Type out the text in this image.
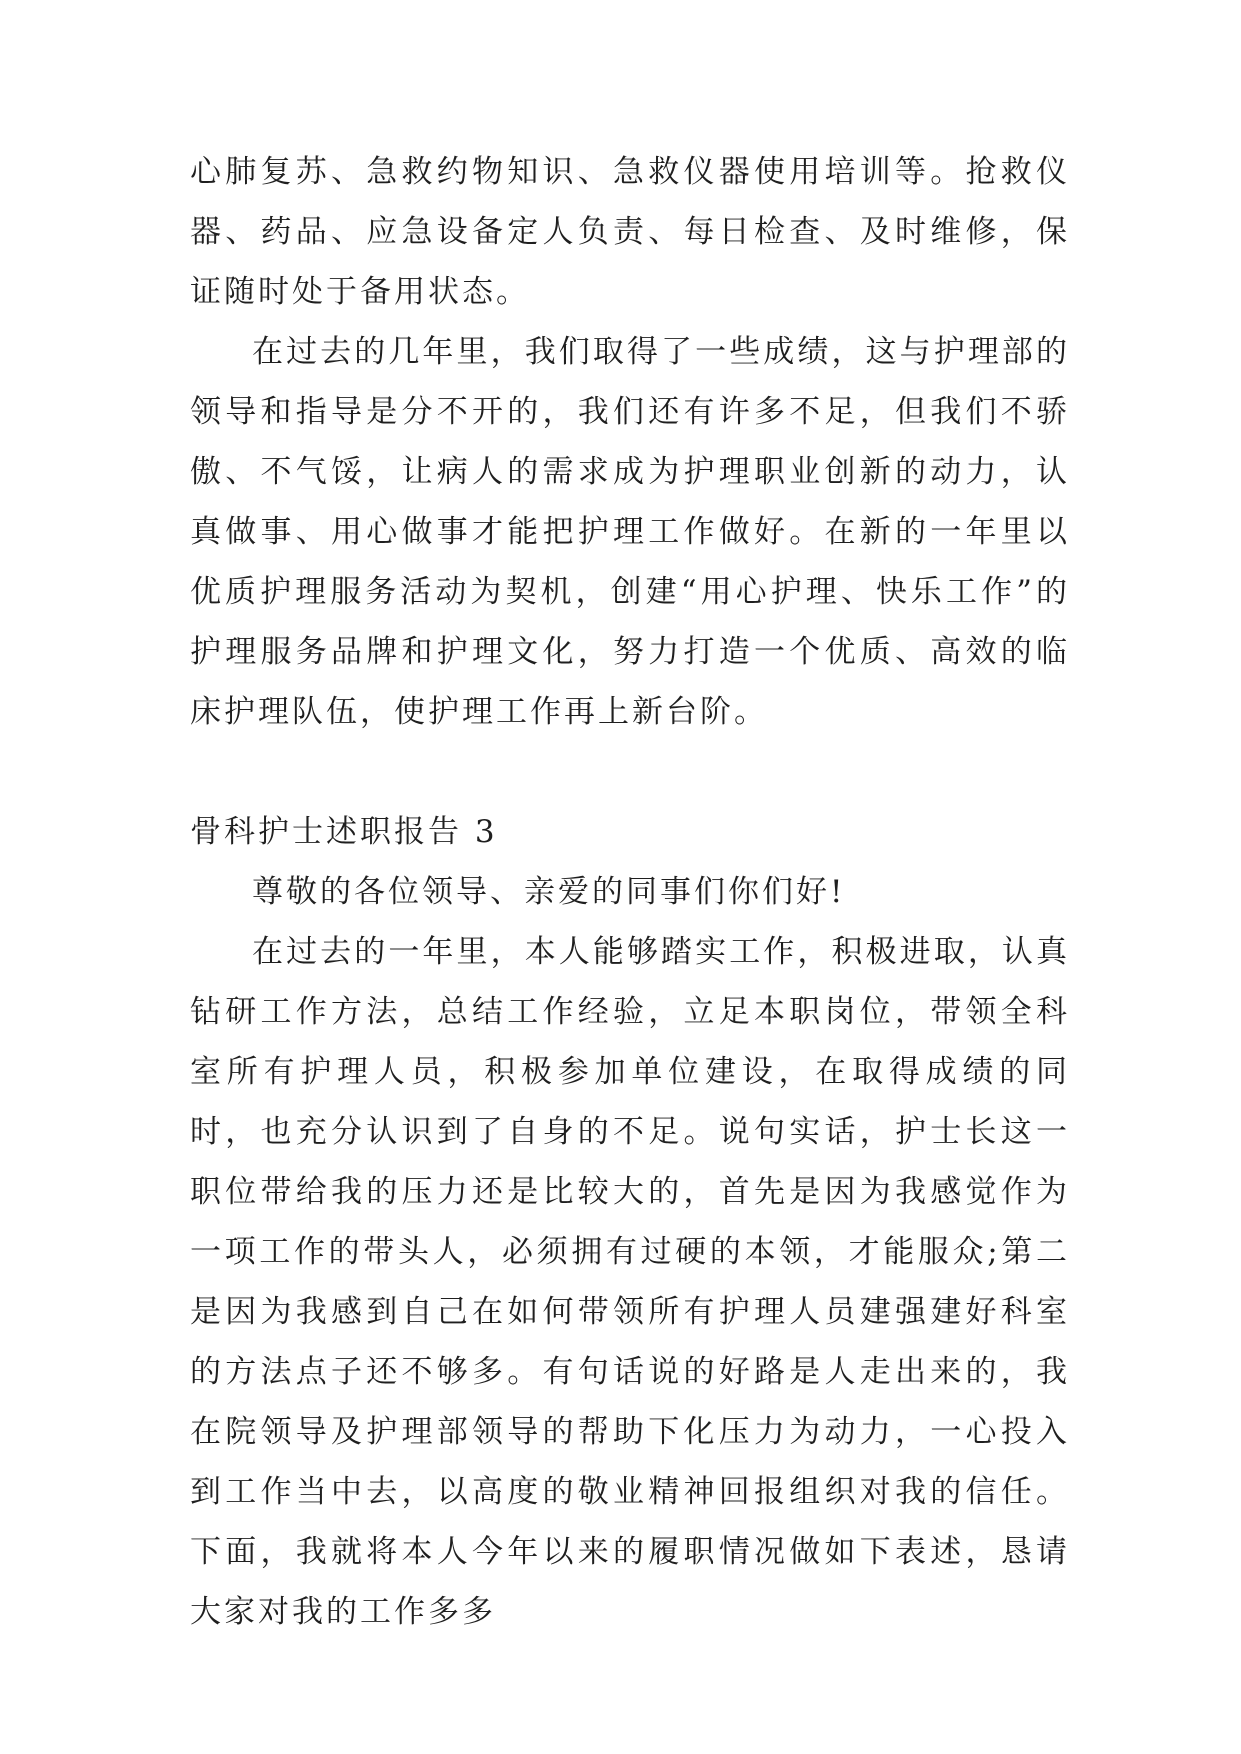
心肺复苏、急救约物知识、急救仪器使用培训等。抢救仪器、药品、应急设备定人负责、每日检查、及时维修，保证随时处于备用状态。

在过去的几年里，我们取得了一些成绩，这与护理部的领导和指导是分不开的，我们还有许多不足，但我们不骄傲、不气馁，让病人的需求成为护理职业创新的动力，认真做事、用心做事才能把护理工作做好。在新的一年里以优质护理服务活动为契机，创建“用心护理、快乐工作”的护理服务品牌和护理文化，努力打造一个优质、高效的临床护理队伍，使护理工作再上新台阶。

骨科护士述职报告 3

尊敬的各位领导、亲爱的同事们你们好!

在过去的一年里，本人能够踏实工作，积极进取，认真钻研工作方法，总结工作经验，立足本职岗位，带领全科室所有护理人员，积极参加单位建设，在取得成绩的同时，也充分认识到了自身的不足。说句实话，护士长这一职位带给我的压力还是比较大的，首先是因为我感觉作为一项工作的带头人，必须拥有过硬的本领，才能服众;第二是因为我感到自己在如何带领所有护理人员建强建好科室的方法点子还不够多。有句话说的好路是人走出来的，我在院领导及护理部领导的帮助下化压力为动力，一心投入到工作当中去，以高度的敬业精神回报组织对我的信任。下面，我就将本人今年以来的履职情况做如下表述，恳请大家对我的工作多多
